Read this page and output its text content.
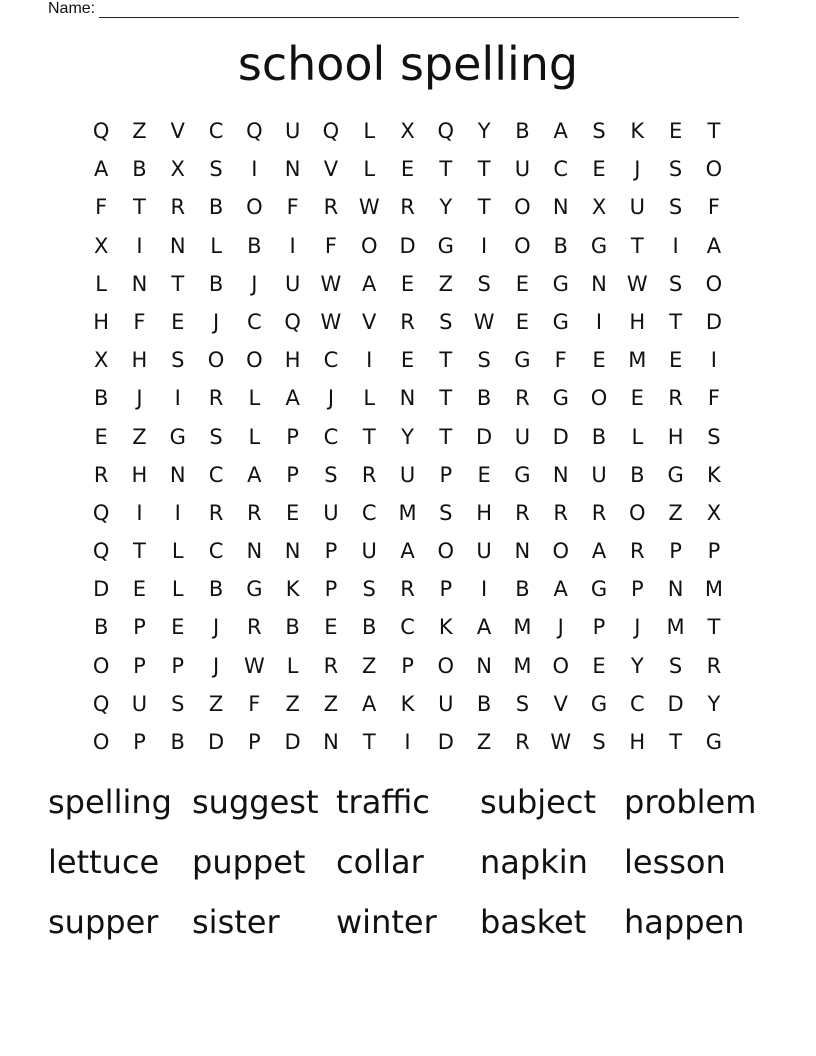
Name:
school spelling
Q	Z	V	C	Q	U	Q	L	X	Q	Y	B	A	S	K	E	T
A	B	X	S	I	N	V	L	E	T	T	U	C	E	J	S	O
F	T	R	B	O	F	R W R	Y	T	O	N	X	U	S	F
X	I	N	L	B	I	F	O	D	G	I	O	B	G	T	I	A
L	N	T	B	J	U W A	E	Z	S	E	G	N W	S	O
H	F	E	J	C	Q W V	R	S	W	E	G	I	H	T	D
X	H	S	O	O	H	C	I	E	T	S	G	F	E	M	E	I
B	J	I	R	L	A	J	L	N	T	B	R	G	O	E	R	F
E	Z	G	S	L	P	C	T	Y	T	D	U	D	B	L	H	S
R	H	N	C	A	P	S	R	U	P	E	G	N	U	B	G	K
Q	I	I	R	R	E	U	C	M	S	H	R	R	R	O	Z	X
Q	T	L	C	N	N	P	U	A	O	U	N	O	A	R	P	P
D	E	L	B	G	K	P	S	R	P	I	B	A	G	P	N	M
B	P	E	J	R	B	E	B	C	K	A	M	J	P	J	M	T
O	P	P	J	W	L	R	Z	P	O	N	M O	E	Y	S	R
Q	U	S	Z	F	Z	Z	A	K	U	B	S	V	G	C	D	Y
O	P	B	D	P	D	N	T	I	D	Z	R W	S	H	T	G
spelling suggest traffic	subject problem
lettuce	puppet collar	napkin	lesson
supper	sister	winter	basket	happen
